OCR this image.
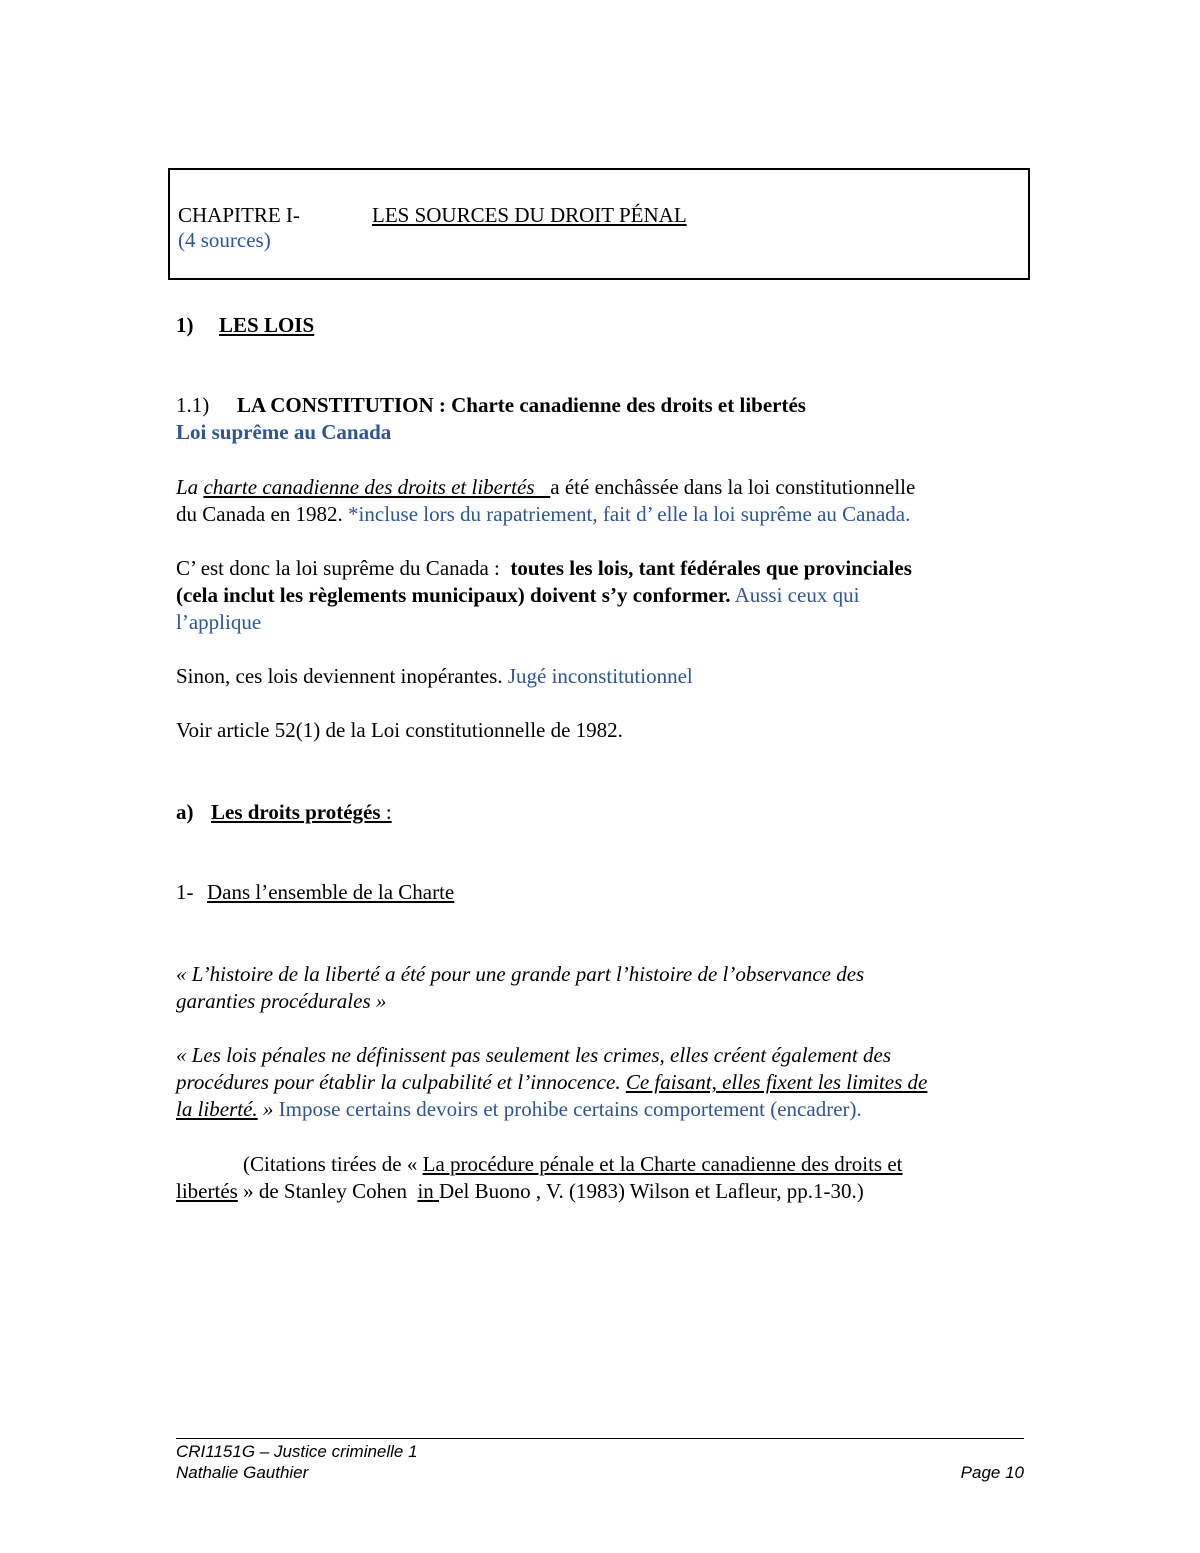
CHAPITRE I-	LES SOURCES DU DROIT PÉNAL
(4 sources)
1) LES LOIS
1.1) LA CONSTITUTION : Charte canadienne des droits et libertés
Loi suprême au Canada
La charte canadienne des droits et libertés a été enchâssée dans la loi constitutionnelle
du Canada en 1982. *incluse lors du rapatriement, fait d’ elle la loi suprême au Canada.
C’ est donc la loi suprême du Canada : toutes les lois, tant fédérales que provinciales
(cela inclut les règlements municipaux) doivent s’y conformer. Aussi ceux qui
l’applique
Sinon, ces lois deviennent inopérantes. Jugé inconstitutionnel
Voir article 52(1) de la Loi constitutionnelle de 1982.
a) Les droits protégés :
1- Dans l’ensemble de la Charte
« L’histoire de la liberté a été pour une grande part l’histoire de l’observance des
garanties procédurales »
« Les lois pénales ne définissent pas seulement les crimes, elles créent également des
procédures pour établir la culpabilité et l’innocence. Ce faisant, elles fixent les limites de
la liberté. » Impose certains devoirs et prohibe certains comportement (encadrer).
(Citations tirées de « La procédure pénale et la Charte canadienne des droits et
libertés » de Stanley Cohen in Del Buono , V. (1983) Wilson et Lafleur, pp.1-30.)
CRI1151G – Justice criminelle 1
Nathalie Gauthier	Page 10
